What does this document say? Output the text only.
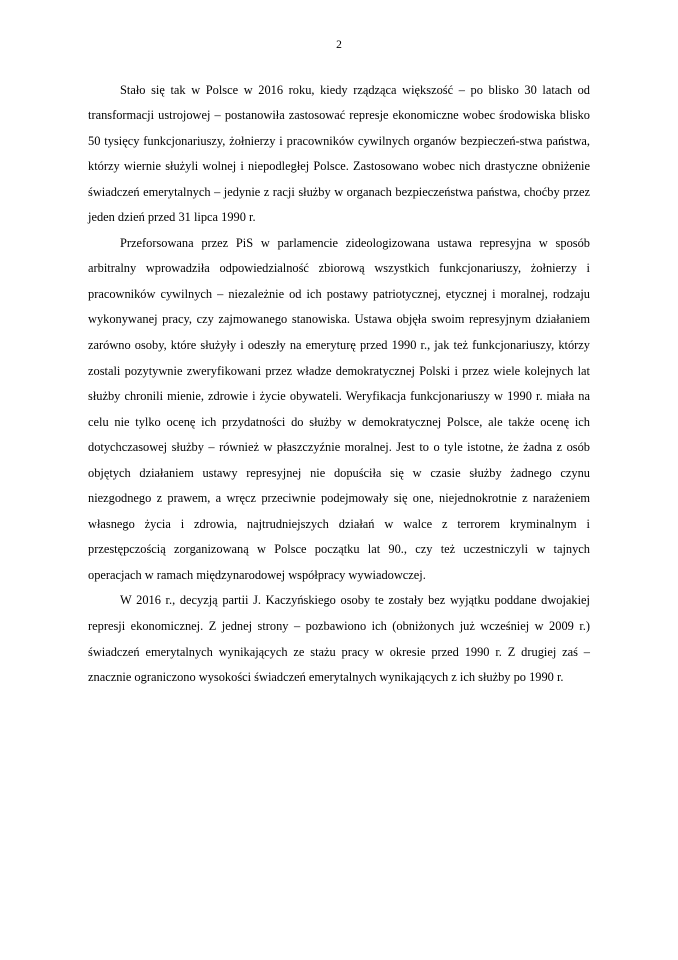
2

Stało się tak w Polsce w 2016 roku, kiedy rządząca większość – po blisko 30 latach od transformacji ustrojowej – postanowiła zastosować represje ekonomiczne wobec środowiska blisko 50 tysięcy funkcjonariuszy, żołnierzy i pracowników cywilnych organów bezpieczeń-stwa państwa, którzy wiernie służyli wolnej i niepodległej Polsce. Zastosowano wobec nich drastyczne obniżenie świadczeń emerytalnych – jedynie z racji służby w organach bezpieczeństwa państwa, choćby przez jeden dzień przed 31 lipca 1990 r.

Przeforsowana przez PiS w parlamencie zideologizowana ustawa represyjna w sposób arbitralny wprowadziła odpowiedzialność zbiorową wszystkich funkcjonariuszy, żołnierzy i pracowników cywilnych – niezależnie od ich postawy patriotycznej, etycznej i moralnej, rodzaju wykonywanej pracy, czy zajmowanego stanowiska. Ustawa objęła swoim represyjnym działaniem zarówno osoby, które służyły i odeszły na emeryturę przed 1990 r., jak też funkcjonariuszy, którzy zostali pozytywnie zweryfikowani przez władze demokratycznej Polski i przez wiele kolejnych lat służby chronili mienie, zdrowie i życie obywateli. Weryfikacja funkcjonariuszy w 1990 r. miała na celu nie tylko ocenę ich przydatności do służby w demokratycznej Polsce, ale także ocenę ich dotychczasowej służby – również w płaszczyźnie moralnej. Jest to o tyle istotne, że żadna z osób objętych działaniem ustawy represyjnej nie dopuściła się w czasie służby żadnego czynu niezgodnego z prawem, a wręcz przeciwnie podejmowały się one, niejednokrotnie z narażeniem własnego życia i zdrowia, najtrudniejszych działań w walce z terrorem kryminalnym i przestępczością zorganizowaną w Polsce początku lat 90., czy też uczestniczyli w tajnych operacjach w ramach międzynarodowej współpracy wywiadowczej.

W 2016 r., decyzją partii J. Kaczyńskiego osoby te zostały bez wyjątku poddane dwojakiej represji ekonomicznej. Z jednej strony – pozbawiono ich (obniżonych już wcześniej w 2009 r.) świadczeń emerytalnych wynikających ze stażu pracy w okresie przed 1990 r. Z drugiej zaś – znacznie ograniczono wysokości świadczeń emerytalnych wynikających z ich służby po 1990 r.
